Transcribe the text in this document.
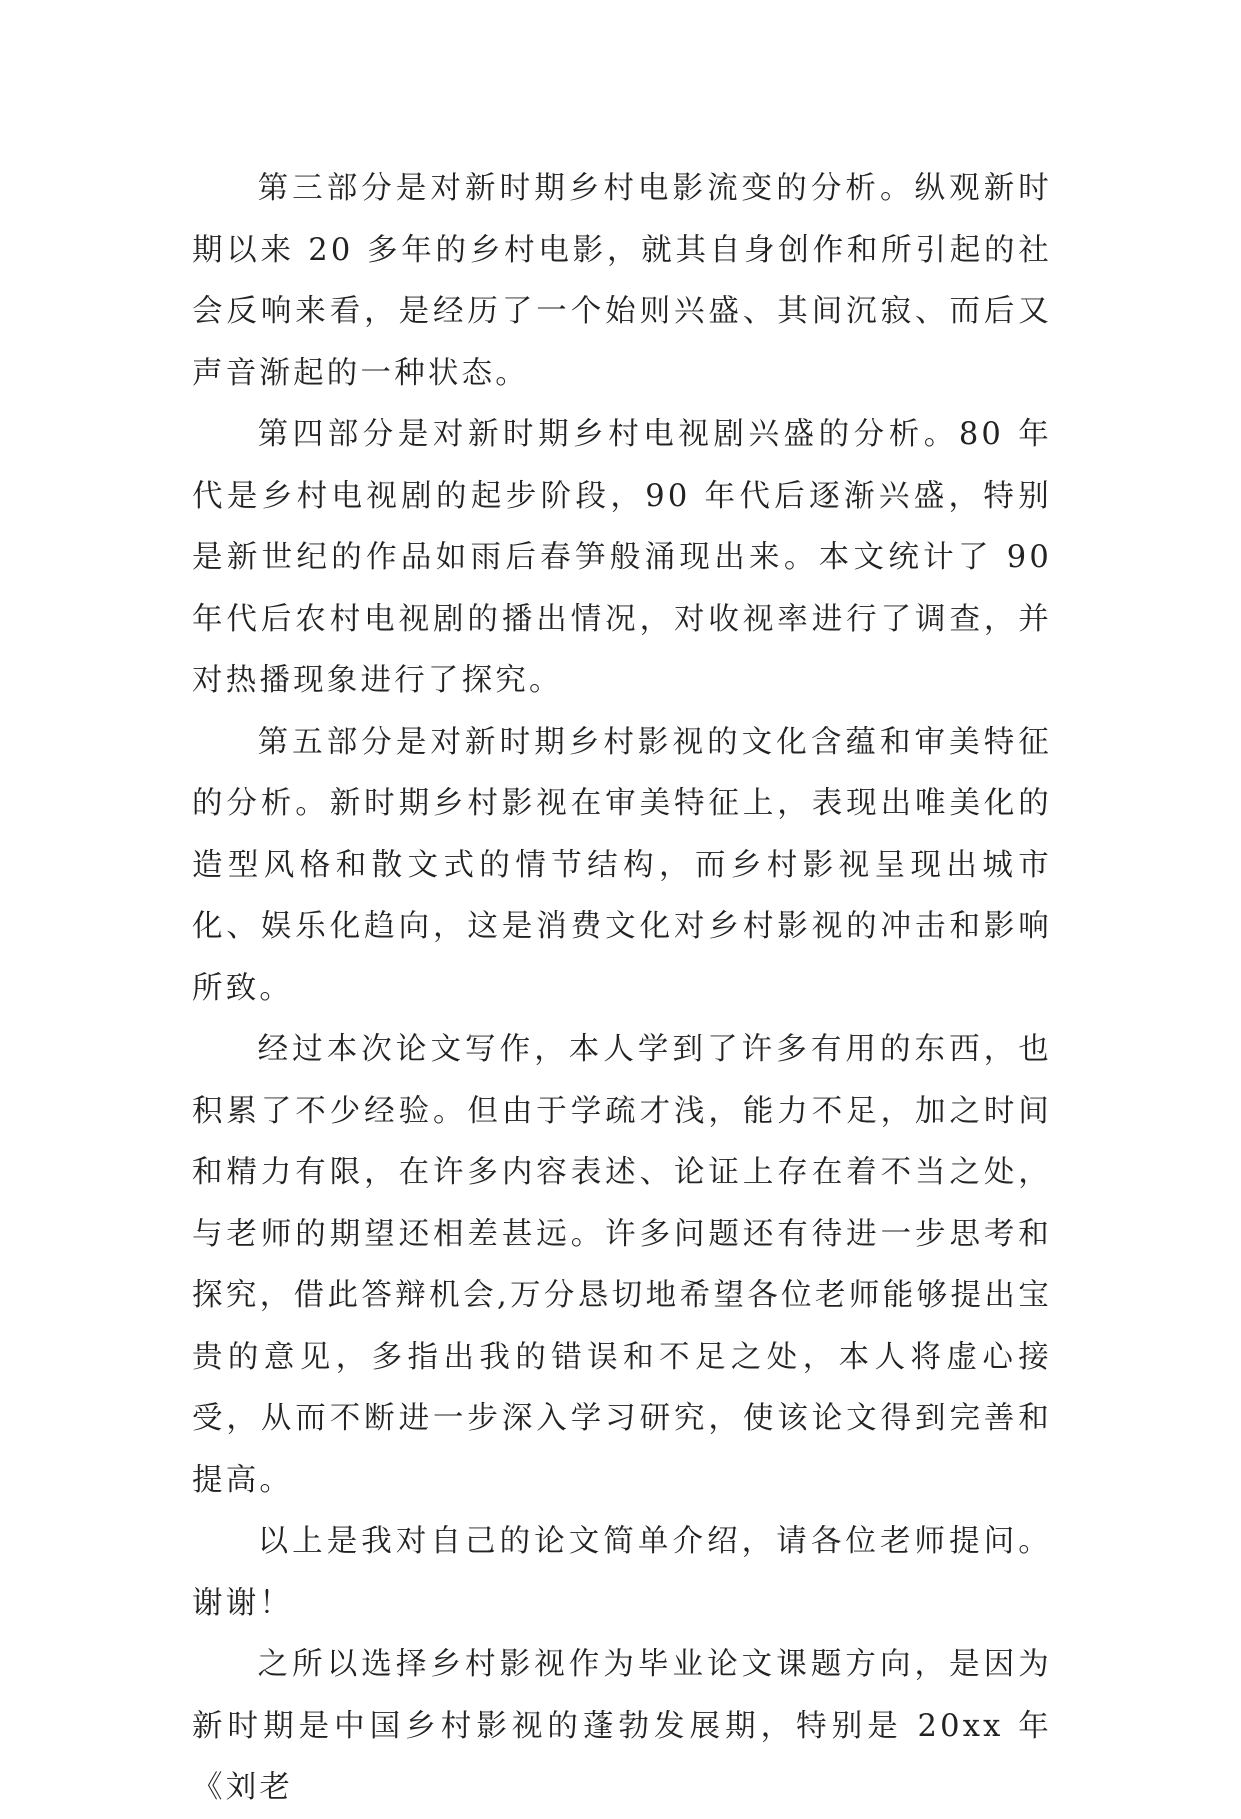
第三部分是对新时期乡村电影流变的分析。纵观新时期以来 20 多年的乡村电影，就其自身创作和所引起的社会反响来看，是经历了一个始则兴盛、其间沉寂、而后又声音渐起的一种状态。

第四部分是对新时期乡村电视剧兴盛的分析。80 年代是乡村电视剧的起步阶段，90 年代后逐渐兴盛，特别是新世纪的作品如雨后春笋般涌现出来。本文统计了 90 年代后农村电视剧的播出情况，对收视率进行了调查，并对热播现象进行了探究。

第五部分是对新时期乡村影视的文化含蕴和审美特征的分析。新时期乡村影视在审美特征上，表现出唯美化的造型风格和散文式的情节结构，而乡村影视呈现出城市化、娱乐化趋向，这是消费文化对乡村影视的冲击和影响所致。

经过本次论文写作，本人学到了许多有用的东西，也积累了不少经验。但由于学疏才浅，能力不足，加之时间和精力有限，在许多内容表述、论证上存在着不当之处，与老师的期望还相差甚远。许多问题还有待进一步思考和探究，借此答辩机会,万分恳切地希望各位老师能够提出宝贵的意见，多指出我的错误和不足之处，本人将虚心接受，从而不断进一步深入学习研究，使该论文得到完善和提高。

以上是我对自己的论文简单介绍，请各位老师提问。谢谢！

之所以选择乡村影视作为毕业论文课题方向，是因为新时期是中国乡村影视的蓬勃发展期，特别是 20xx 年《刘老
